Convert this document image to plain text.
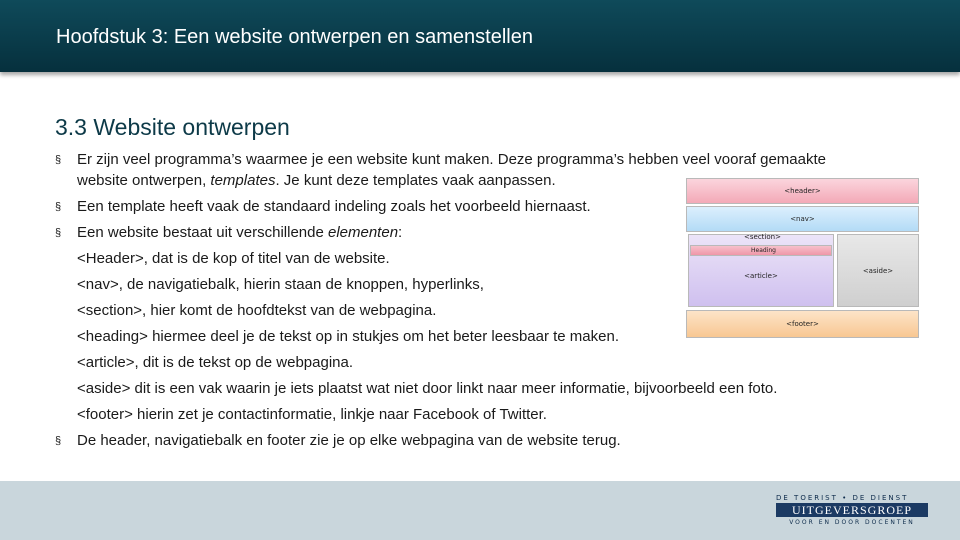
Hoofdstuk 3: Een website ontwerpen en samenstellen
3.3 Website ontwerpen
§ Er zijn veel programma’s waarmee je een website kunt maken. Deze programma’s hebben veel vooraf gemaakte
website ontwerpen, templates. Je kunt deze templates vaak aanpassen.
§ Een template heeft vaak de standaard indeling zoals het voorbeeld hiernaast.
§ Een website bestaat uit verschillende elementen:
<Header>, dat is de kop of titel van de website.
<nav>, de navigatiebalk, hierin staan de knoppen, hyperlinks,
<section>, hier komt de hoofdtekst van de webpagina.
<heading> hiermee deel je de tekst op in stukjes om het beter leesbaar te maken.
<article>, dit is de tekst op de webpagina.
<aside> dit is een vak waarin je iets plaatst wat niet door linkt naar meer informatie, bijvoorbeeld een foto.
<footer> hierin zet je contactinformatie, linkje naar Facebook of Twitter.
§ De header, navigatiebalk en footer zie je op elke webpagina van de website terug.
<header>
<nav>
<article>
<section>
Heading
<aside>
<footer>
DE TOERIST • DE DIENST
UITGEVERSGROEP
VOOR EN DOOR DOCENTEN
